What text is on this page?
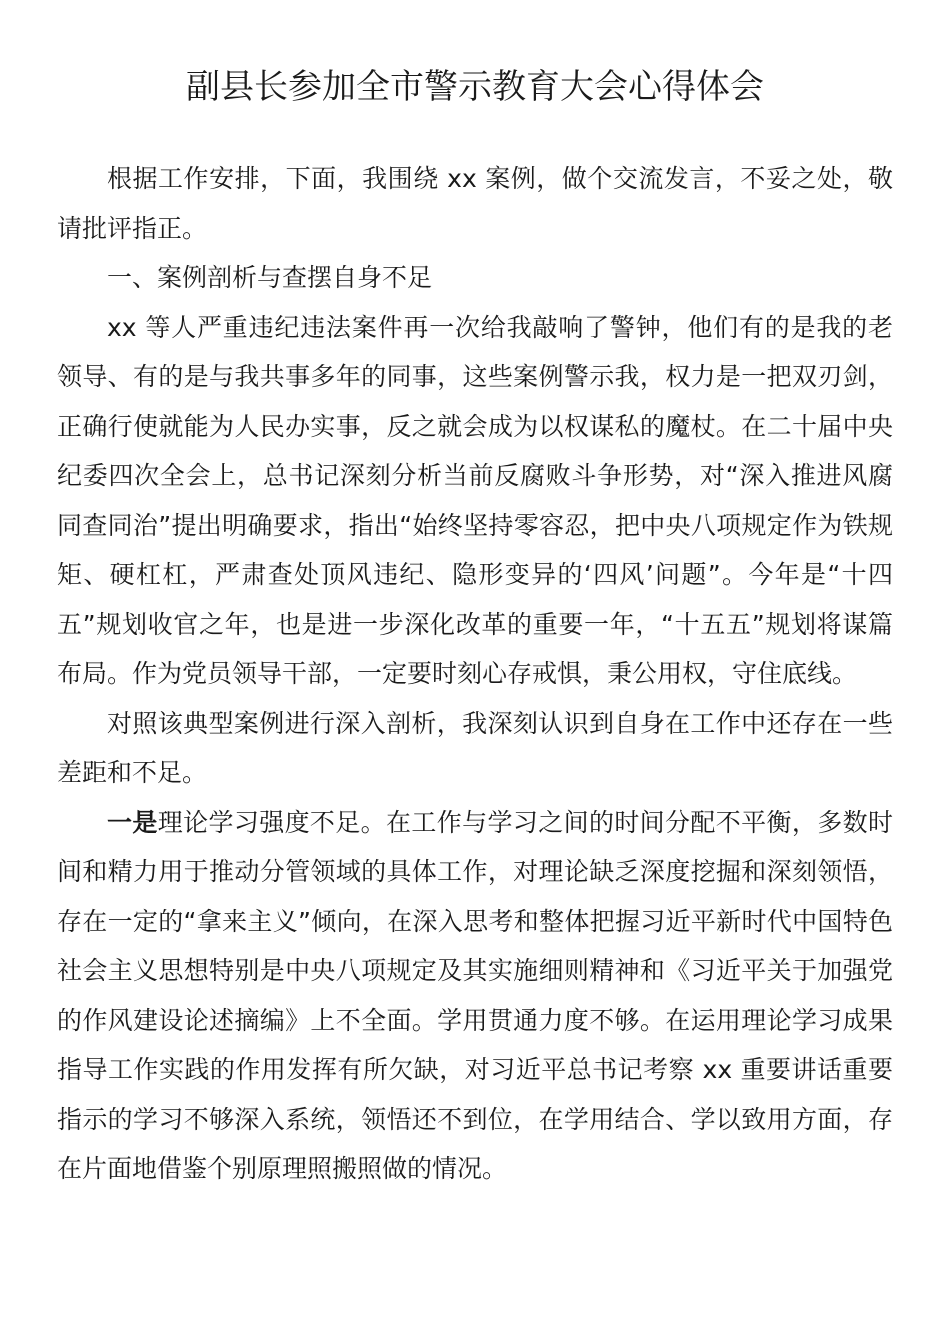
副县长参加全市警示教育大会心得体会

根据工作安排，下面，我围绕 xx 案例，做个交流发言，不妥之处，敬请批评指正。

一、案例剖析与查摆自身不足

xx 等人严重违纪违法案件再一次给我敲响了警钟，他们有的是我的老领导、有的是与我共事多年的同事，这些案例警示我，权力是一把双刃剑，正确行使就能为人民办实事，反之就会成为以权谋私的魔杖。在二十届中央纪委四次全会上，总书记深刻分析当前反腐败斗争形势，对“深入推进风腐同查同治”提出明确要求，指出“始终坚持零容忍，把中央八项规定作为铁规矩、硬杠杠，严肃查处顶风违纪、隐形变异的‘四风’问题”。今年是“十四五”规划收官之年，也是进一步深化改革的重要一年，“十五五”规划将谋篇布局。作为党员领导干部，一定要时刻心存戒惧，秉公用权，守住底线。

对照该典型案例进行深入剖析，我深刻认识到自身在工作中还存在一些差距和不足。

一是理论学习强度不足。在工作与学习之间的时间分配不平衡，多数时间和精力用于推动分管领域的具体工作，对理论缺乏深度挖掘和深刻领悟，存在一定的“拿来主义”倾向，在深入思考和整体把握习近平新时代中国特色社会主义思想特别是中央八项规定及其实施细则精神和《习近平关于加强党的作风建设论述摘编》上不全面。学用贯通力度不够。在运用理论学习成果指导工作实践的作用发挥有所欠缺，对习近平总书记考察 xx 重要讲话重要指示的学习不够深入系统，领悟还不到位，在学用结合、学以致用方面，存在片面地借鉴个别原理照搬照做的情况。
